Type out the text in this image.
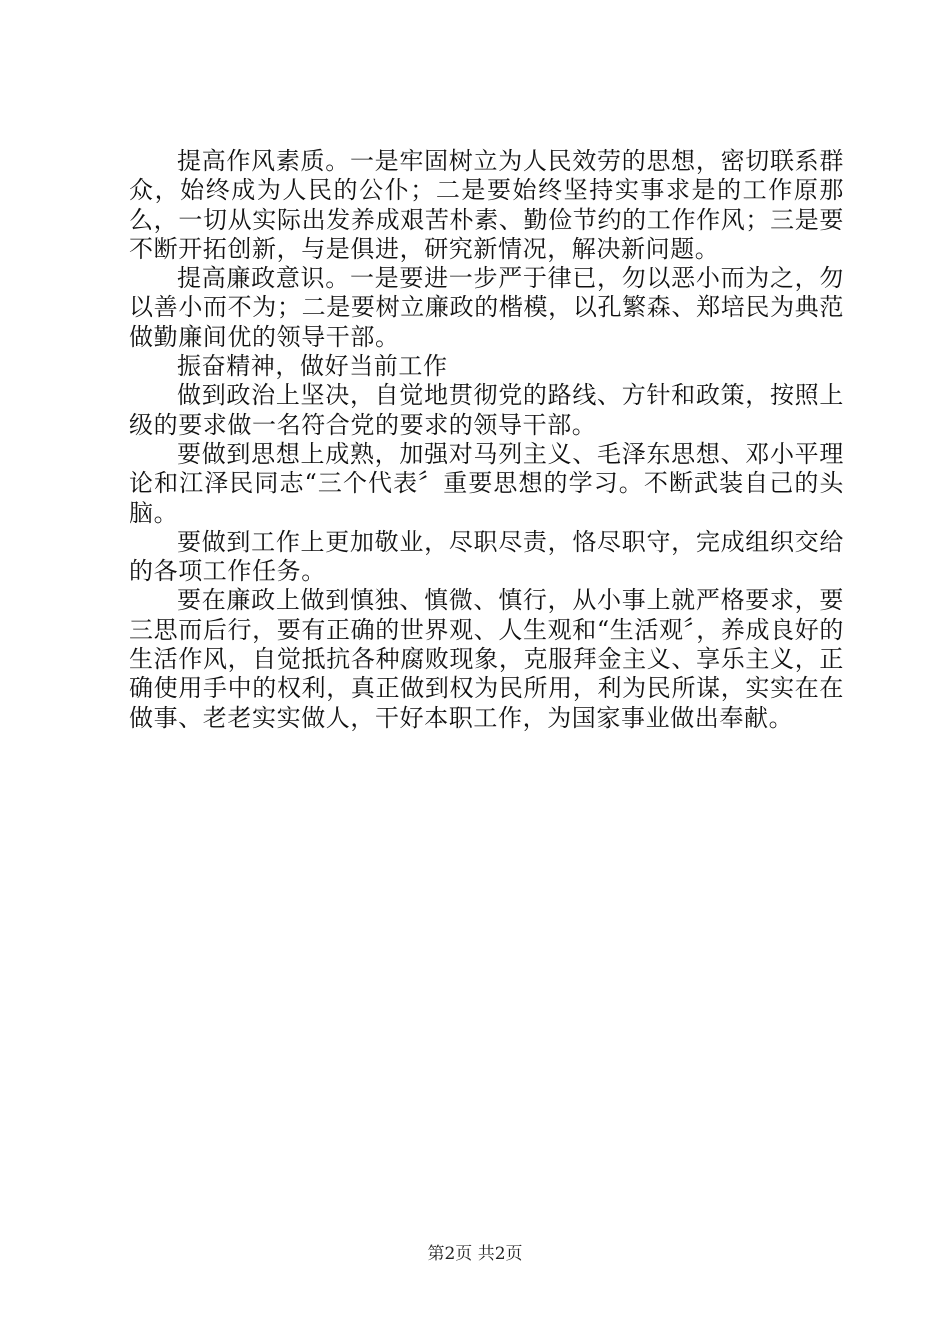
提高作风素质。一是牢固树立为人民效劳的思想，密切联系群众，始终成为人民的公仆；二是要始终坚持实事求是的工作原那么，一切从实际出发养成艰苦朴素、勤俭节约的工作作风；三是要不断开拓创新，与是俱进，研究新情况，解决新问题。

提高廉政意识。一是要进一步严于律已，勿以恶小而为之，勿以善小而不为；二是要树立廉政的楷模，以孔繁森、郑培民为典范做勤廉间优的领导干部。

振奋精神，做好当前工作

做到政治上坚决，自觉地贯彻党的路线、方针和政策，按照上级的要求做一名符合党的要求的领导干部。

要做到思想上成熟，加强对马列主义、毛泽东思想、邓小平理论和江泽民同志“三个代表〞重要思想的学习。不断武装自己的头脑。

要做到工作上更加敬业，尽职尽责，恪尽职守，完成组织交给的各项工作任务。

要在廉政上做到慎独、慎微、慎行，从小事上就严格要求，要三思而后行，要有正确的世界观、人生观和“生活观〞，养成良好的生活作风，自觉抵抗各种腐败现象，克服拜金主义、享乐主义，正确使用手中的权利，真正做到权为民所用，利为民所谋，实实在在做事、老老实实做人，干好本职工作，为国家事业做出奉献。

第2页 共2页
